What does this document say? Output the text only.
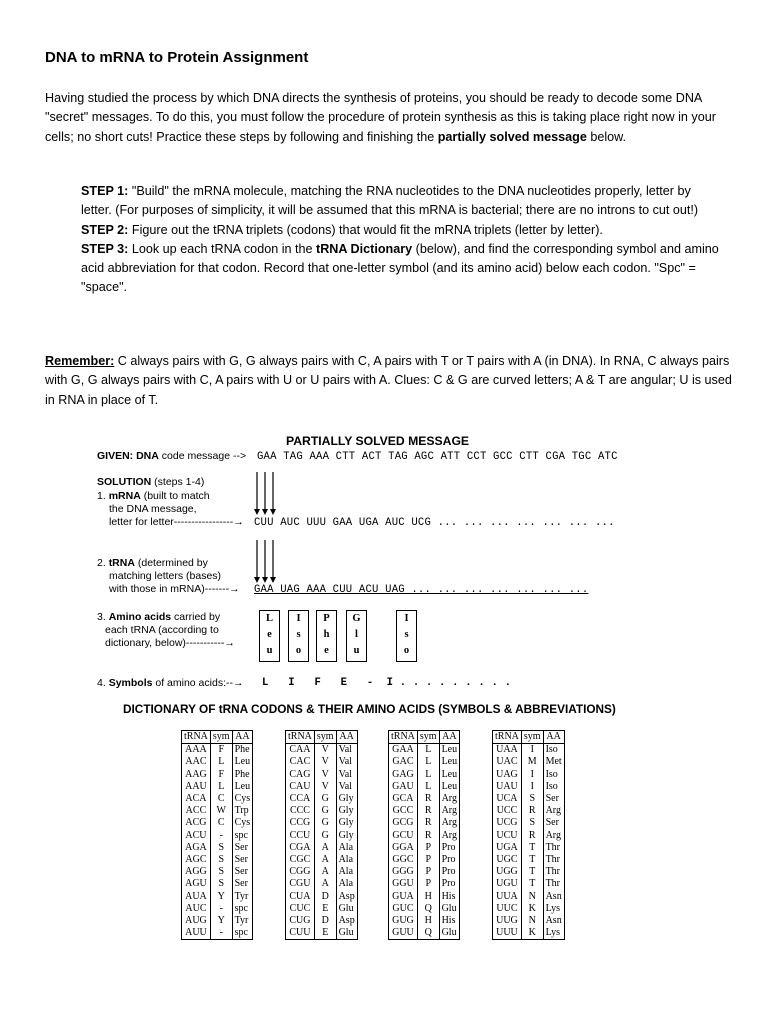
DNA to mRNA to Protein Assignment
Having studied the process by which DNA directs the synthesis of proteins, you should be ready to decode some DNA "secret" messages. To do this, you must follow the procedure of protein synthesis as this is taking place right now in your cells; no short cuts! Practice these steps by following and finishing the partially solved message below.
STEP 1: "Build" the mRNA molecule, matching the RNA nucleotides to the DNA nucleotides properly, letter by letter. (For purposes of simplicity, it will be assumed that this mRNA is bacterial; there are no introns to cut out!)
STEP 2: Figure out the tRNA triplets (codons) that would fit the mRNA triplets (letter by letter).
STEP 3: Look up each tRNA codon in the tRNA Dictionary (below), and find the corresponding symbol and amino acid abbreviation for that codon. Record that one-letter symbol (and its amino acid) below each codon. "Spc" = "space".
Remember: C always pairs with G, G always pairs with C, A pairs with T or T pairs with A (in DNA). In RNA, C always pairs with G, G always pairs with C, A pairs with U or U pairs with A. Clues: C & G are curved letters; A & T are angular; U is used in RNA in place of T.
PARTIALLY SOLVED MESSAGE
GIVEN: DNA code message --> GAA TAG AAA CTT ACT TAG AGC ATT CCT GCC CTT CGA TGC ATC
SOLUTION (steps 1-4)
1. mRNA (built to match
the DNA message,
letter for letter-----------------→ CUU AUC UUU GAA UGA AUC UCG ... ... ... ... ... ... ...
2. tRNA (determined by
matching letters (bases)
with those in mRNA)-------→ GAA UAG AAA CUU ACU UAG ... ... ... ... ... ... ...
3. Amino acids carried by
each tRNA (according to
dictionary, below)-----------→
L
e
u
I
s
o
P
h
e
G
l
u
I
s
o
4. Symbols of amino acids:--→ L   I   F   E   -  I . . . . . . . . .
DICTIONARY OF tRNA CODONS & THEIR AMINO ACIDS (SYMBOLS & ABBREVIATIONS)
tRNA	sym	AA
AAA	F	Phe
AAC	L	Leu
AAG	F	Phe
AAU	L	Leu
ACA	C	Cys
ACC	W	Trp
ACG	C	Cys
ACU	-	spc
AGA	S	Ser
AGC	S	Ser
AGG	S	Ser
AGU	S	Ser
AUA	Y	Tyr
AUC	-	spc
AUG	Y	Tyr
AUU	-	spc
tRNA	sym	AA
CAA	V	Val
CAC	V	Val
CAG	V	Val
CAU	V	Val
CCA	G	Gly
CCC	G	Gly
CCG	G	Gly
CCU	G	Gly
CGA	A	Ala
CGC	A	Ala
CGG	A	Ala
CGU	A	Ala
CUA	D	Asp
CUC	E	Glu
CUG	D	Asp
CUU	E	Glu
tRNA	sym	AA
GAA	L	Leu
GAC	L	Leu
GAG	L	Leu
GAU	L	Leu
GCA	R	Arg
GCC	R	Arg
GCG	R	Arg
GCU	R	Arg
GGA	P	Pro
GGC	P	Pro
GGG	P	Pro
GGU	P	Pro
GUA	H	His
GUC	Q	Glu
GUG	H	His
GUU	Q	Glu
tRNA	sym	AA
UAA	I	Iso
UAC	M	Met
UAG	I	Iso
UAU	I	Iso
UCA	S	Ser
UCC	R	Arg
UCG	S	Ser
UCU	R	Arg
UGA	T	Thr
UGC	T	Thr
UGG	T	Thr
UGU	T	Thr
UUA	N	Asn
UUC	K	Lys
UUG	N	Asn
UUU	K	Lys
